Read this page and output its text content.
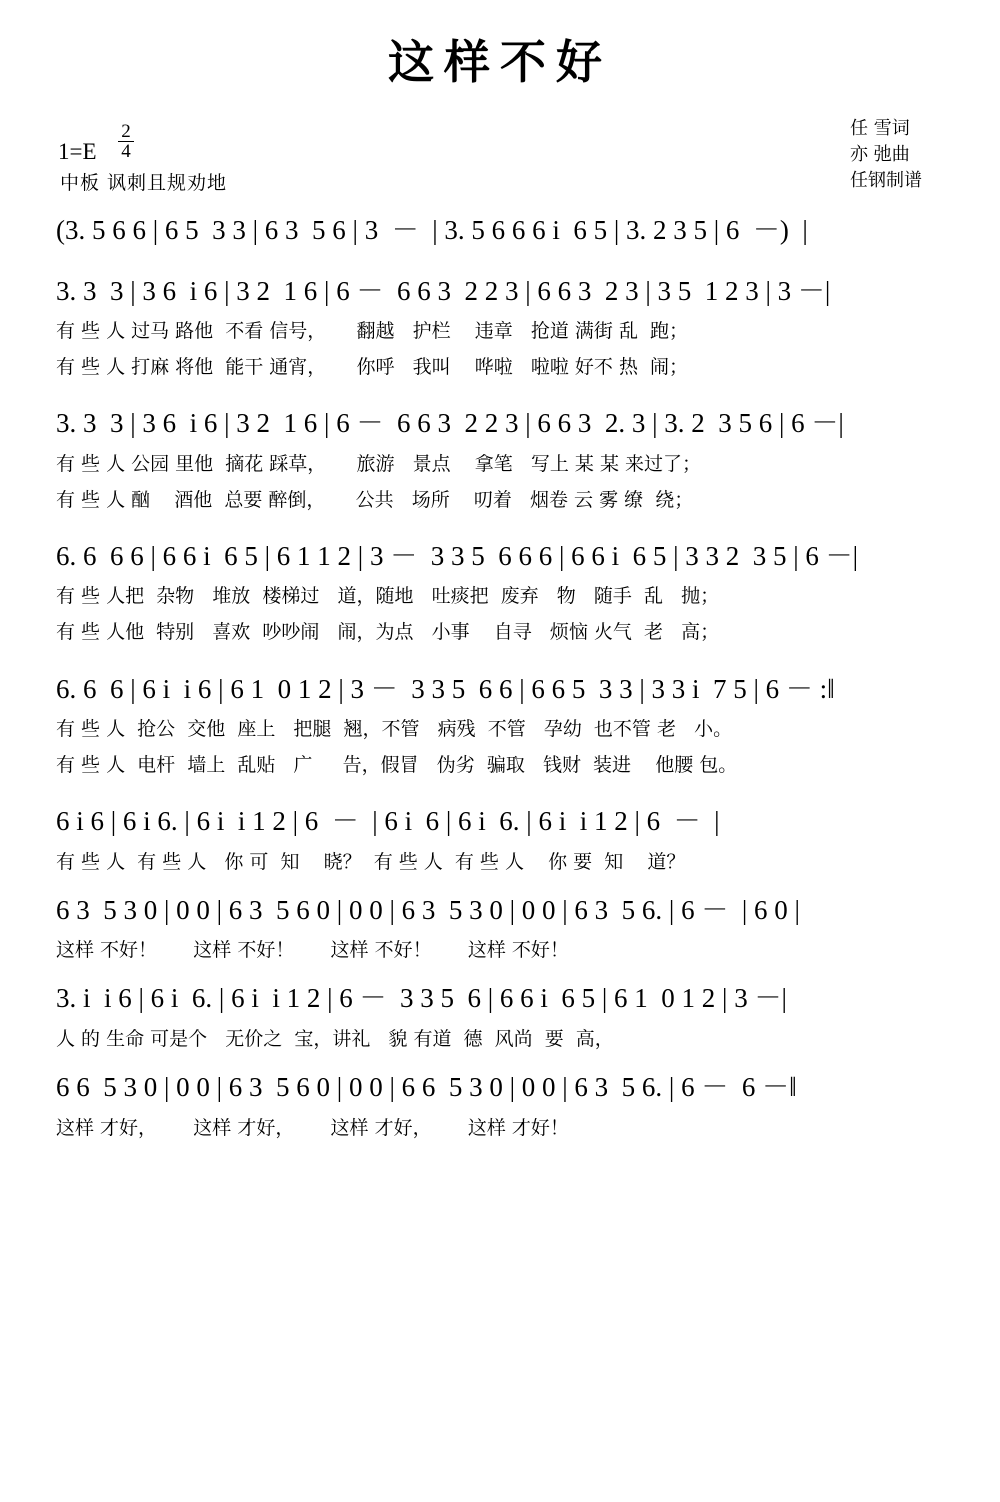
这样不好
$1=E \frac{2}{4}$
中板 讽刺且规劝地
任 雪词
亦 弛曲
任钢制谱
(3. 5 6 6 | 6 5  3 3 | 6 3  5 6 | 3  －  | 3. 5 6 6 6 i  6 5 | 3. 2 3 5 | 6  －)  |
3. 3  3 | 3 6  i 6 | 3 2  1 6 | 6 －  6 6 3  2 2 3 | 6 6 3  2 3 | 3 5  1 2 3 | 3 －|
有 些 人 过马 路他  不看 信号，     翻越   护栏    违章   抢道 满街 乱  跑；
有 些 人 打麻 将他  能干 通宵，     你呼   我叫    哗啦   啦啦 好不 热  闹；
3. 3  3 | 3 6  i 6 | 3 2  1 6 | 6 －  6 6 3  2 2 3 | 6 6 3  2. 3 | 3. 2  3 5 6 | 6 －|
有 些 人 公园 里他  摘花 踩草，     旅游   景点    拿笔   写上 某 某 来过了；
有 些 人 酗    酒他  总要 醉倒，     公共   场所    叨着   烟卷 云 雾 缭  绕；
6. 6  6 6 | 6 6 i  6 5 | 6 1 1 2 | 3 －  3 3 5  6 6 6 | 6 6 i  6 5 | 3 3 2  3 5 | 6 －|
有 些 人把  杂物   堆放  楼梯过   道，随地   吐痰把  废弃   物   随手  乱   抛；
有 些 人他  特别   喜欢  吵吵闹   闹，为点   小事    自寻   烦恼 火气  老   高；
6. 6  6 | 6 i  i 6 | 6 1  0 1 2 | 3 －  3 3 5  6 6 | 6 6 5  3 3 | 3 3 i  7 5 | 6 － :‖
有 些 人  抢公  交他  座上   把腿  翘，不管   病残  不管   孕幼  也不管 老   小。
有 些 人  电杆  墙上  乱贴   广     告，假冒   伪劣  骗取   钱财  装进    他腰 包。
6 i 6 | 6 i 6. | 6 i  i 1 2 | 6  －  | 6 i  6 | 6 i  6. | 6 i  i 1 2 | 6  －  |
有 些 人  有 些 人   你 可  知    晓？  有 些 人  有 些 人    你 要  知    道？
6 3  5 3 0 | 0 0 | 6 3  5 6 0 | 0 0 | 6 3  5 3 0 | 0 0 | 6 3  5 6. | 6 －  | 6 0 |
这样 不好！      这样 不好！      这样 不好！      这样 不好！
3. i  i 6 | 6 i  6. | 6 i  i 1 2 | 6 －  3 3 5  6 | 6 6 i  6 5 | 6 1  0 1 2 | 3 －|
人 的 生命 可是个   无价之  宝，讲礼   貌 有道  德  风尚  要  高，
6 6  5 3 0 | 0 0 | 6 3  5 6 0 | 0 0 | 6 6  5 3 0 | 0 0 | 6 3  5 6. | 6 －  6 －‖
这样 才好，      这样 才好，      这样 才好，      这样 才好！
